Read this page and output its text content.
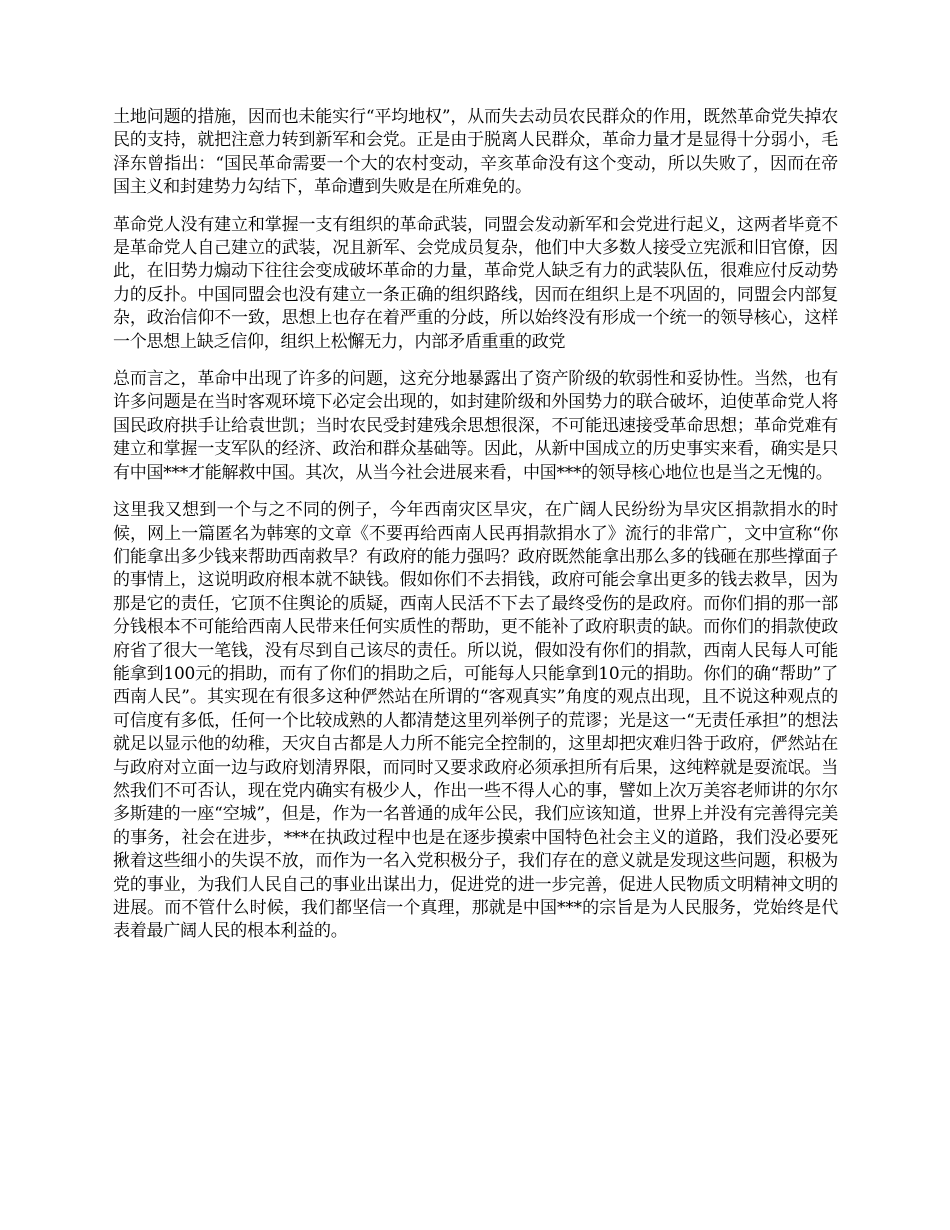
土地问题的措施，因而也未能实行“平均地权”，从而失去动员农民群众的作用，既然革命党失掉农民的支持，就把注意力转到新军和会党。正是由于脱离人民群众，革命力量才是显得十分弱小，毛泽东曾指出：“国民革命需要一个大的农村变动，辛亥革命没有这个变动，所以失败了，因而在帝国主义和封建势力勾结下，革命遭到失败是在所难免的。

革命党人没有建立和掌握一支有组织的革命武装，同盟会发动新军和会党进行起义，这两者毕竟不是革命党人自己建立的武装，况且新军、会党成员复杂，他们中大多数人接受立宪派和旧官僚，因此，在旧势力煽动下往往会变成破坏革命的力量，革命党人缺乏有力的武装队伍，很难应付反动势力的反扑。中国同盟会也没有建立一条正确的组织路线，因而在组织上是不巩固的，同盟会内部复杂，政治信仰不一致，思想上也存在着严重的分歧，所以始终没有形成一个统一的领导核心，这样一个思想上缺乏信仰，组织上松懈无力，内部矛盾重重的政党

总而言之，革命中出现了许多的问题，这充分地暴露出了资产阶级的软弱性和妥协性。当然，也有许多问题是在当时客观环境下必定会出现的，如封建阶级和外国势力的联合破坏，迫使革命党人将国民政府拱手让给袁世凯；当时农民受封建残余思想很深，不可能迅速接受革命思想；革命党难有建立和掌握一支军队的经济、政治和群众基础等。因此，从新中国成立的历史事实来看，确实是只有中国***才能解救中国。其次，从当今社会进展来看，中国***的领导核心地位也是当之无愧的。

这里我又想到一个与之不同的例子，今年西南灾区旱灾，在广阔人民纷纷为旱灾区捐款捐水的时候，网上一篇匿名为韩寒的文章《不要再给西南人民再捐款捐水了》流行的非常广，文中宣称“你们能拿出多少钱来帮助西南救旱？有政府的能力强吗？政府既然能拿出那么多的钱砸在那些撑面子的事情上，这说明政府根本就不缺钱。假如你们不去捐钱，政府可能会拿出更多的钱去救旱，因为那是它的责任，它顶不住舆论的质疑，西南人民活不下去了最终受伤的是政府。而你们捐的那一部分钱根本不可能给西南人民带来任何实质性的帮助，更不能补了政府职责的缺。而你们的捐款使政府省了很大一笔钱，没有尽到自己该尽的责任。所以说，假如没有你们的捐款，西南人民每人可能能拿到100元的捐助，而有了你们的捐助之后，可能每人只能拿到10元的捐助。你们的确“帮助”了西南人民”。其实现在有很多这种俨然站在所谓的“客观真实”角度的观点出现，且不说这种观点的可信度有多低，任何一个比较成熟的人都清楚这里列举例子的荒谬；光是这一“无责任承担”的想法就足以显示他的幼稚，天灾自古都是人力所不能完全控制的，这里却把灾难归咎于政府，俨然站在与政府对立面一边与政府划清界限，而同时又要求政府必须承担所有后果，这纯粹就是耍流氓。当然我们不可否认，现在党内确实有极少人，作出一些不得人心的事，譬如上次万美容老师讲的尔尔多斯建的一座“空城”，但是，作为一名普通的成年公民，我们应该知道，世界上并没有完善得完美的事务，社会在进步，***在执政过程中也是在逐步摸索中国特色社会主义的道路，我们没必要死揪着这些细小的失误不放，而作为一名入党积极分子，我们存在的意义就是发现这些问题，积极为党的事业，为我们人民自己的事业出谋出力，促进党的进一步完善，促进人民物质文明精神文明的进展。而不管什么时候，我们都坚信一个真理，那就是中国***的宗旨是为人民服务，党始终是代表着最广阔人民的根本利益的。
